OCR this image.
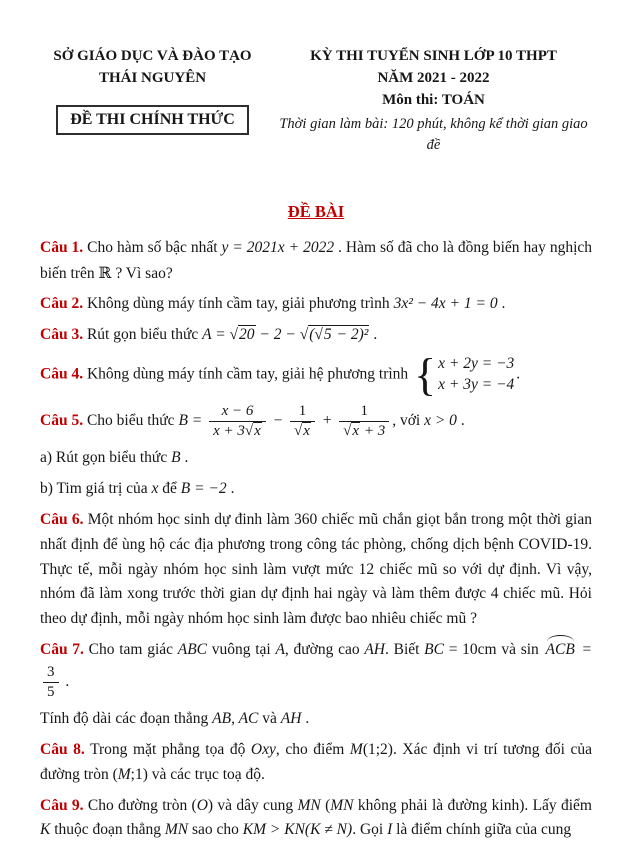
SỞ GIÁO DỤC VÀ ĐÀO TẠO
THÁI NGUYÊN
ĐỀ THI CHÍNH THỨC
KỲ THI TUYỂN SINH LỚP 10 THPT
NĂM 2021 - 2022
Môn thi: TOÁN
Thời gian làm bài: 120 phút, không kể thời gian giao đề
ĐỀ BÀI

Câu 1. Cho hàm số bậc nhất y = 2021x + 2022 . Hàm số đã cho là đồng biến hay nghịch biến trên ℝ ? Vì sao?

Câu 2. Không dùng máy tính cầm tay, giải phương trình 3x² − 4x + 1 = 0 .

Câu 3. Rút gọn biểu thức A = √20 − 2 − √(√5 − 2)² .

Câu 4. Không dùng máy tính cầm tay, giải hệ phương trình { x + 2y = −3
x + 3y = −4
.

Câu 5. Cho biểu thức $B = \frac{x - 6}{x + 3√x} - \frac{1}{√x} + \frac{1}{√x + 3}$ , với x > 0 .

a) Rút gọn biểu thức B .

b) Tim giá trị của x để B = −2 .

Câu 6. Một nhóm học sinh dự đinh làm 360 chiếc mũ chắn giọt bắn trong một thời gian nhất định để ùng hộ các địa phương trong công tác phòng, chống dịch bệnh COVID-19. Thực tế, mỗi ngày nhóm học sinh làm vượt mức 12 chiếc mũ so với dự định. Vì vậy, nhóm đã làm xong trước thời gian dự định hai ngày và làm thêm được 4 chiếc mũ. Hỏi theo dự định, mỗi ngày nhóm học sinh làm được bao nhiêu chiếc mũ ?

Câu 7. Cho tam giác ABC vuông tại A, đường cao AH. Biết BC = 10cm và sin ACB =
$\frac{3}{5}$ .

Tính độ dài các đoạn thẳng AB, AC và AH .

Câu 8. Trong mặt phẳng tọa độ Oxy, cho điểm M(1;2). Xác định vi trí tương đối của đường tròn (M;1) và các trục toạ độ.

Câu 9. Cho đường tròn (O) và dây cung MN (MN không phải là đường kinh). Lấy điểm K thuộc đoạn thẳng MN sao cho KM > KN(K ≠ N). Gọi I là điểm chính giữa của cung
